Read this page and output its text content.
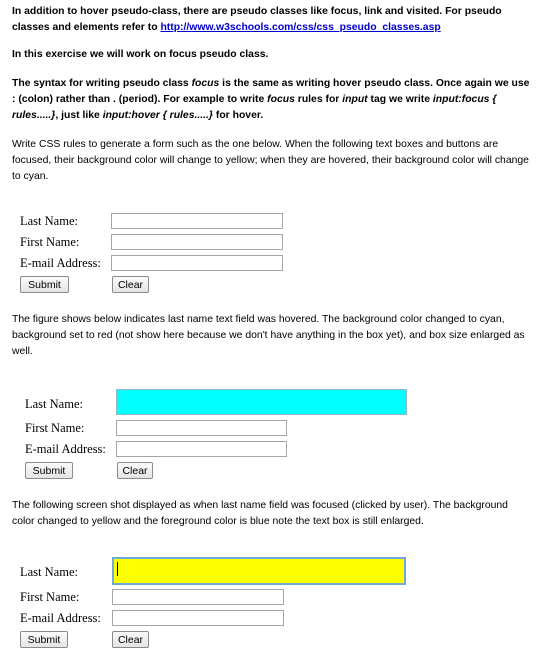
In addition to hover pseudo-class, there are pseudo classes like focus, link and visited. For pseudo classes and elements refer to http://www.w3schools.com/css/css_pseudo_classes.asp
In this exercise we will work on focus pseudo class.
The syntax for writing pseudo class focus is the same as writing hover pseudo class. Once again we use : (colon) rather than . (period). For example to write focus rules for input tag we write input:focus { rules.....}, just like input:hover { rules.....} for hover.
Write CSS rules to generate a form such as the one below. When the following text boxes and buttons are focused, their background color will change to yellow; when they are hovered, their background color will change to cyan.
Last Name:
First Name:
E-mail Address:
Submit	Clear
The figure shows below indicates last name text field was hovered. The background color changed to cyan, background set to red (not show here because we don't have anything in the box yet), and box size enlarged as well.
Last Name:
First Name:
E-mail Address:
Submit	Clear
The following screen shot displayed as when last name field was focused (clicked by user). The background color changed to yellow and the foreground color is blue note the text box is still enlarged.
Last Name:
First Name:
E-mail Address:
Submit	Clear
